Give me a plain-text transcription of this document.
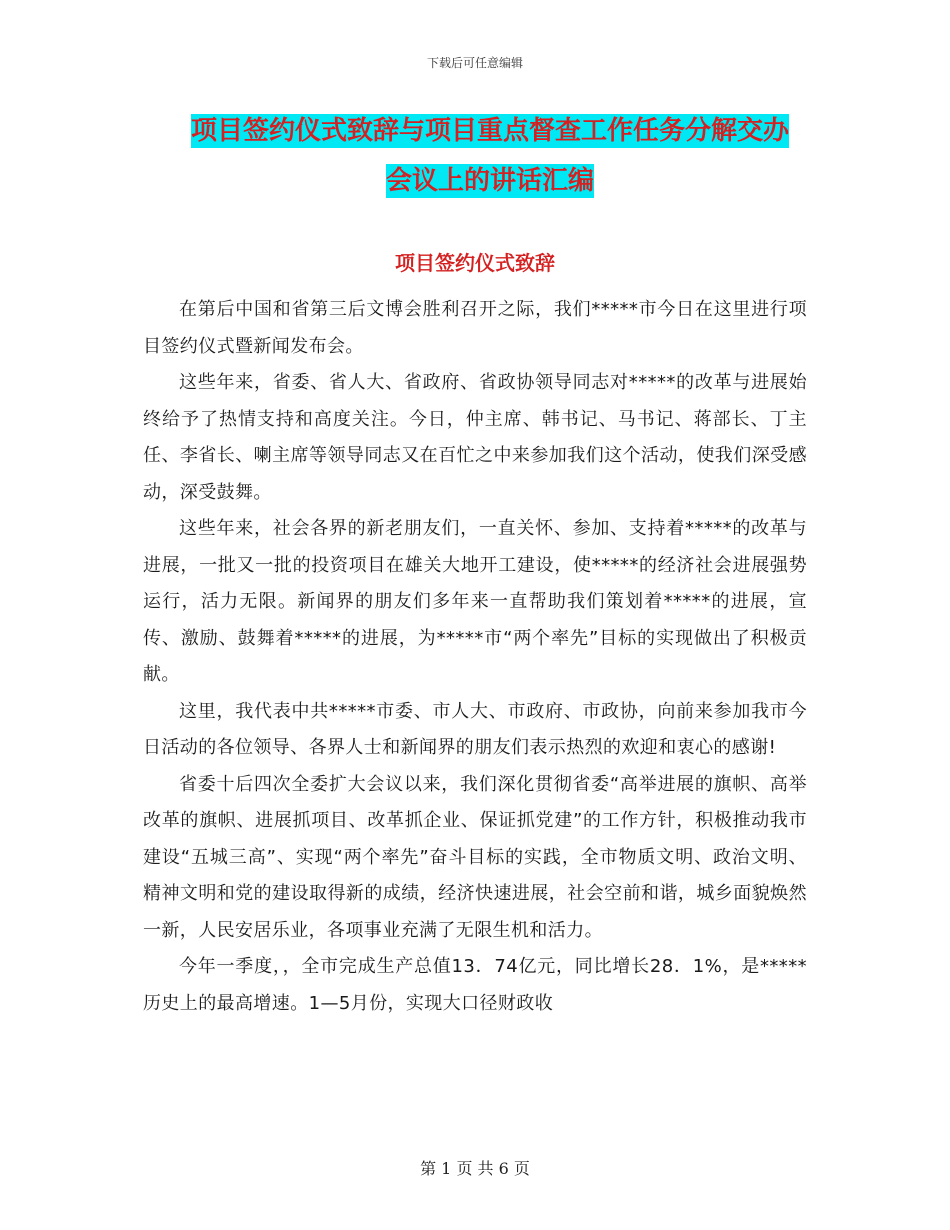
下载后可任意编辑
项目签约仪式致辞与项目重点督查工作任务分解交办
会议上的讲话汇编
项目签约仪式致辞

在第后中国和省第三后文博会胜利召开之际，我们*****市今日在这里进行项目签约仪式暨新闻发布会。

这些年来，省委、省人大、省政府、省政协领导同志对*****的改革与进展始终给予了热情支持和高度关注。今日，仲主席、韩书记、马书记、蒋部长、丁主任、李省长、喇主席等领导同志又在百忙之中来参加我们这个活动，使我们深受感动，深受鼓舞。

这些年来，社会各界的新老朋友们，一直关怀、参加、支持着*****的改革与进展，一批又一批的投资项目在雄关大地开工建设，使*****的经济社会进展强势运行，活力无限。新闻界的朋友们多年来一直帮助我们策划着*****的进展，宣传、激励、鼓舞着*****的进展，为*****市“两个率先”目标的实现做出了积极贡献。

这里，我代表中共*****市委、市人大、市政府、市政协，向前来参加我市今日活动的各位领导、各界人士和新闻界的朋友们表示热烈的欢迎和衷心的感谢!

省委十后四次全委扩大会议以来，我们深化贯彻省委“高举进展的旗帜、高举改革的旗帜、进展抓项目、改革抓企业、保证抓党建”的工作方针，积极推动我市建设“五城三高”、实现“两个率先”奋斗目标的实践，全市物质文明、政治文明、精神文明和党的建设取得新的成绩，经济快速进展，社会空前和谐，城乡面貌焕然一新，人民安居乐业，各项事业充满了无限生机和活力。

今年一季度，，全市完成生产总值13．74亿元，同比增长28．1%，是*****历史上的最高增速。1—5月份，实现大口径财政收

第 1 页 共 6 页
